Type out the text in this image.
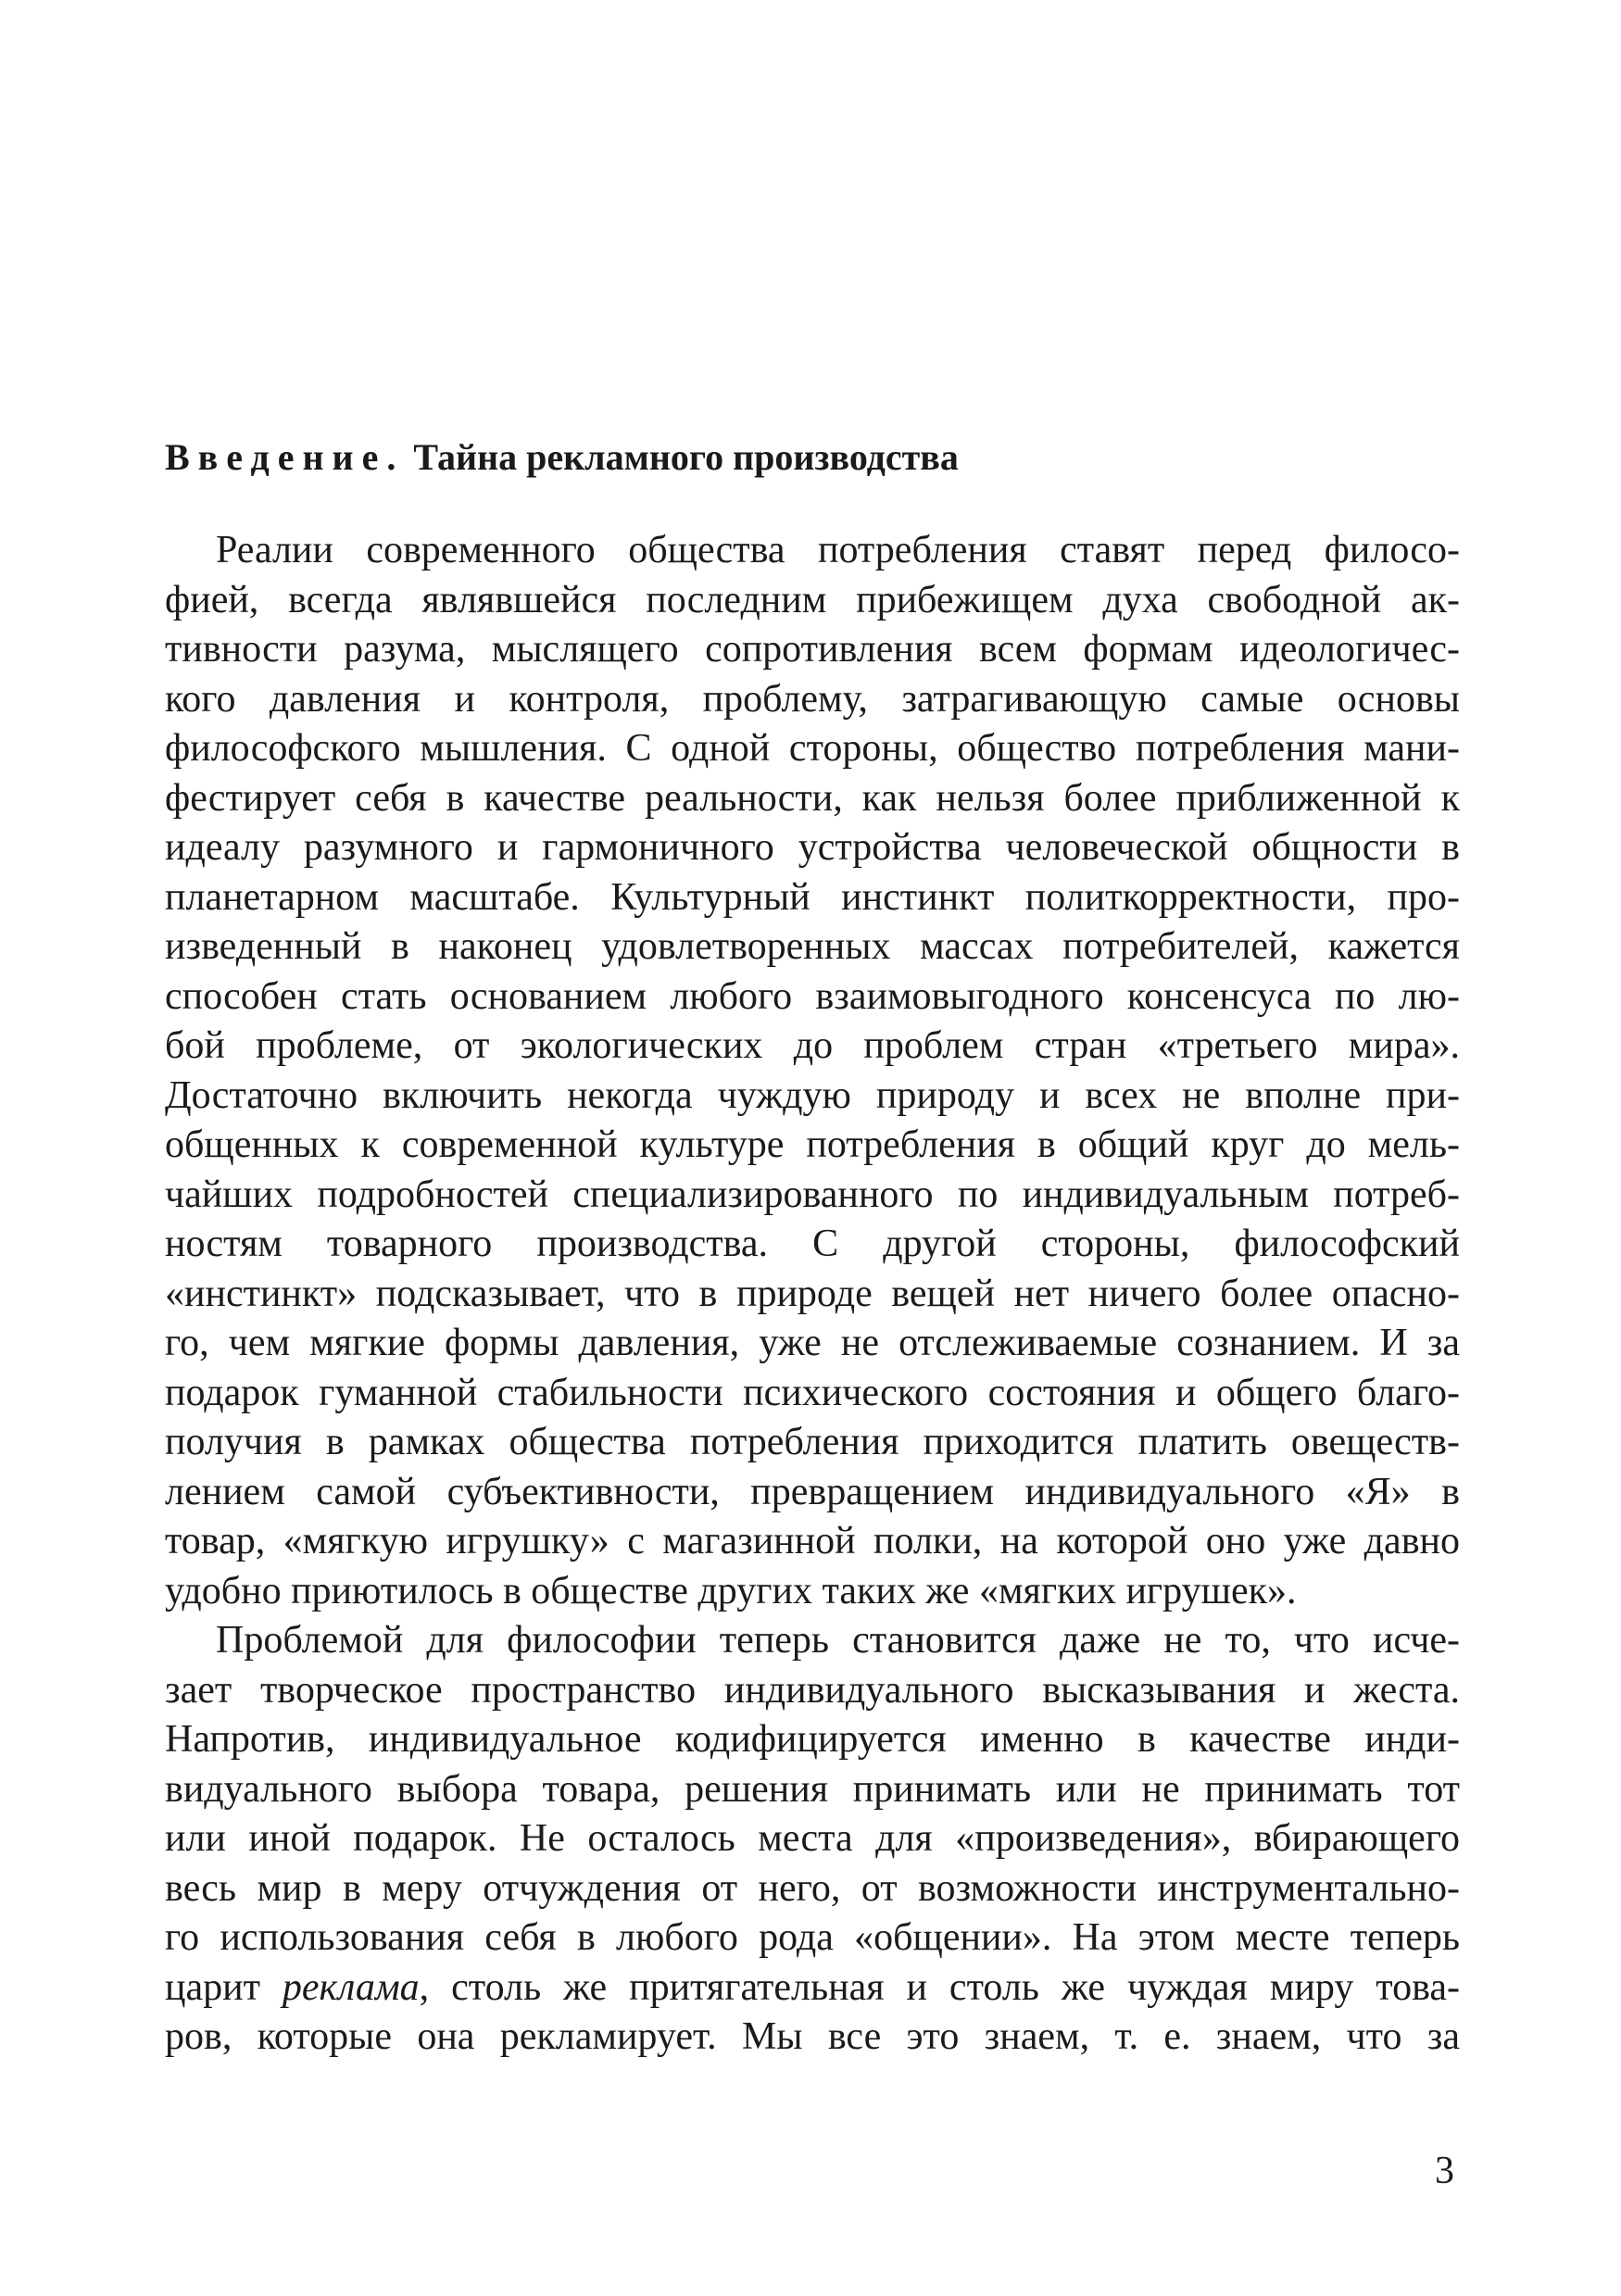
Введение. Тайна рекламного производства
Реалии современного общества потребления ставят перед филосо-
фией, всегда являвшейся последним прибежищем духа свободной ак-
тивности разума, мыслящего сопротивления всем формам идеологичес-
кого давления и контроля, проблему, затрагивающую самые основы
философского мышления. С одной стороны, общество потребления мани-
фестирует себя в качестве реальности, как нельзя более приближенной к
идеалу разумного и гармоничного устройства человеческой общности в
планетарном масштабе. Культурный инстинкт политкорректности, про-
изведенный в наконец удовлетворенных массах потребителей, кажется
способен стать основанием любого взаимовыгодного консенсуса по лю-
бой проблеме, от экологических до проблем стран «третьего мира».
Достаточно включить некогда чуждую природу и всех не вполне при-
общенных к современной культуре потребления в общий круг до мель-
чайших подробностей специализированного по индивидуальным потреб-
ностям товарного производства. С другой стороны, философский
«инстинкт» подсказывает, что в природе вещей нет ничего более опасно-
го, чем мягкие формы давления, уже не отслеживаемые сознанием. И за
подарок гуманной стабильности психического состояния и общего благо-
получия в рамках общества потребления приходится платить овеществ-
лением самой субъективности, превращением индивидуального «Я» в
товар, «мягкую игрушку» с магазинной полки, на которой оно уже давно
удобно приютилось в обществе других таких же «мягких игрушек».
Проблемой для философии теперь становится даже не то, что исче-
зает творческое пространство индивидуального высказывания и жеста.
Напротив, индивидуальное кодифицируется именно в качестве инди-
видуального выбора товара, решения принимать или не принимать тот
или иной подарок. Не осталось места для «произведения», вбирающего
весь мир в меру отчуждения от него, от возможности инструментально-
го использования себя в любого рода «общении». На этом месте теперь
царит реклама, столь же притягательная и столь же чуждая миру това-
ров, которые она рекламирует. Мы все это знаем, т. е. знаем, что за
3
